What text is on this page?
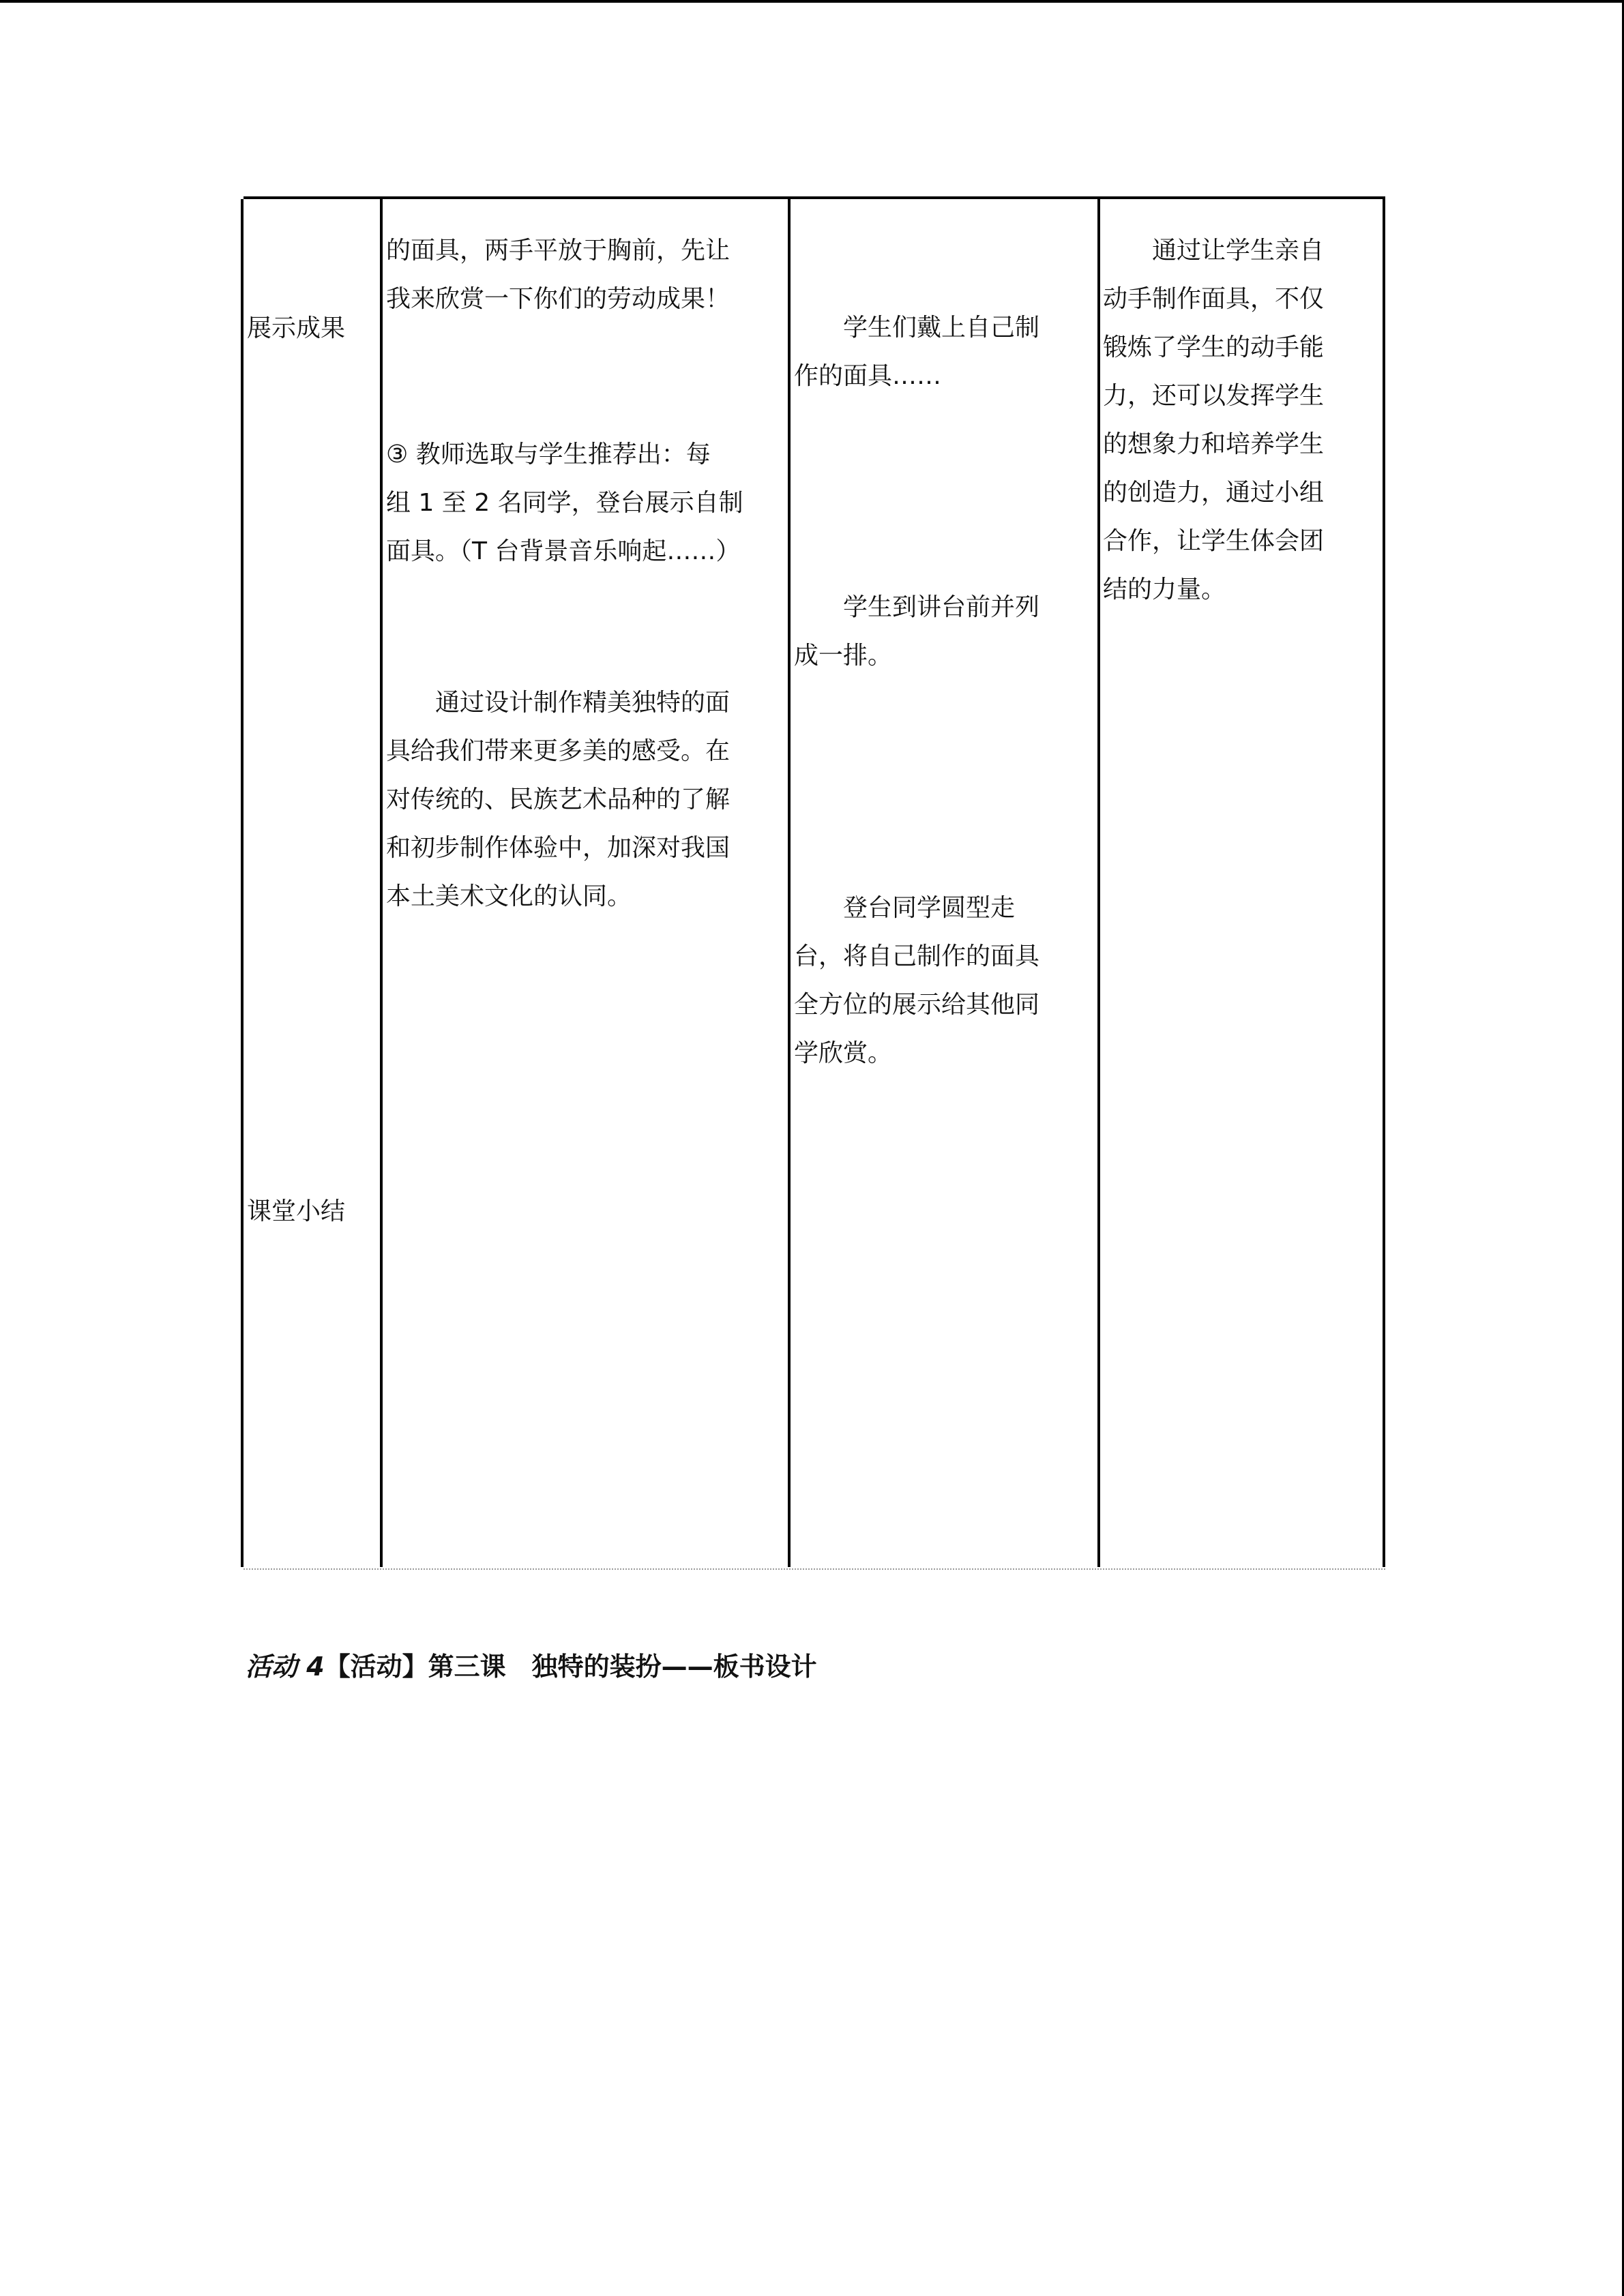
展示成果
课堂小结
的面具，两手平放于胸前，先让
我来欣赏一下你们的劳动成果！
③ 教师选取与学生推荐出：每
组 1 至 2 名同学，登台展示自制
面具。（T 台背景音乐响起……）
　　通过设计制作精美独特的面
具给我们带来更多美的感受。在
对传统的、民族艺术品种的了解
和初步制作体验中，加深对我国
本土美术文化的认同。
　　学生们戴上自己制
作的面具……
　　学生到讲台前并列
成一排。
　　登台同学圆型走
台，将自己制作的面具
全方位的展示给其他同
学欣赏。
　　通过让学生亲自
动手制作面具，不仅
锻炼了学生的动手能
力，还可以发挥学生
的想象力和培养学生
的创造力，通过小组
合作，让学生体会团
结的力量。
活动 4【活动】第三课　独特的装扮——板书设计
